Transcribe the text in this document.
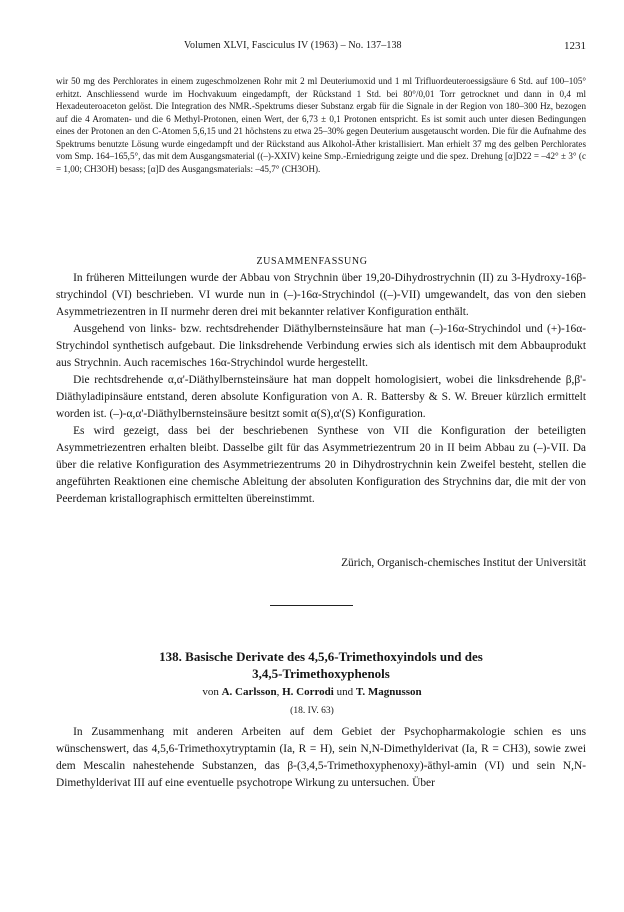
Volumen XLVI, Fasciculus IV (1963) – No. 137–138	1231

wir 50 mg des Perchlorates in einem zugeschmolzenen Rohr mit 2 ml Deuteriumoxid und 1 ml Trifluordeuteroessigsäure 6 Std. auf 100–105° erhitzt. Anschliessend wurde im Hochvakuum eingedampft, der Rückstand 1 Std. bei 80°/0,01 Torr getrocknet und dann in 0,4 ml Hexadeuteroaceton gelöst. Die Integration des NMR.-Spektrums dieser Substanz ergab für die Signale in der Region von 180–300 Hz, bezogen auf die 4 Aromaten- und die 6 Methyl-Protonen, einen Wert, der 6,73 ± 0,1 Protonen entspricht. Es ist somit auch unter diesen Bedingungen eines der Protonen an den C-Atomen 5,6,15 und 21 höchstens zu etwa 25–30% gegen Deuterium ausgetauscht worden. Die für die Aufnahme des Spektrums benutzte Lösung wurde eingedampft und der Rückstand aus Alkohol-Äther kristallisiert. Man erhielt 37 mg des gelben Perchlorates vom Smp. 164–165,5°, das mit dem Ausgangsmaterial ((–)-XXIV) keine Smp.-Erniedrigung zeigte und die spez. Drehung [α]D22 = –42° ± 3° (c = 1,00; CH3OH) besass; [α]D des Ausgangsmaterials: –45,7° (CH3OH).

ZUSAMMENFASSUNG

In früheren Mitteilungen wurde der Abbau von Strychnin über 19,20-Dihydrostrychnin (II) zu 3-Hydroxy-16β-strychindol (VI) beschrieben. VI wurde nun in (–)-16α-Strychindol ((–)-VII) umgewandelt, das von den sieben Asymmetriezentren in II nurmehr deren drei mit bekannter relativer Konfiguration enthält.

Ausgehend von links- bzw. rechtsdrehender Diäthylbernsteinsäure hat man (–)-16α-Strychindol und (+)-16α-Strychindol synthetisch aufgebaut. Die linksdrehende Verbindung erwies sich als identisch mit dem Abbauprodukt aus Strychnin. Auch racemisches 16α-Strychindol wurde hergestellt.

Die rechtsdrehende α,α'-Diäthylbernsteinsäure hat man doppelt homologisiert, wobei die linksdrehende β,β'-Diäthyladipinsäure entstand, deren absolute Konfiguration von A. R. Battersby & S. W. Breuer kürzlich ermittelt worden ist. (–)-α,α'-Diäthylbernsteinsäure besitzt somit α(S),α'(S) Konfiguration.

Es wird gezeigt, dass bei der beschriebenen Synthese von VII die Konfiguration der beteiligten Asymmetriezentren erhalten bleibt. Dasselbe gilt für das Asymmetriezentrum 20 in II beim Abbau zu (–)-VII. Da über die relative Konfiguration des Asymmetriezentrums 20 in Dihydrostrychnin kein Zweifel besteht, stellen die angeführten Reaktionen eine chemische Ableitung der absoluten Konfiguration des Strychnins dar, die mit der von Peerdeman kristallographisch ermittelten übereinstimmt.

Zürich, Organisch-chemisches Institut der Universität

138. Basische Derivate des 4,5,6-Trimethoxyindols und des
3,4,5-Trimethoxyphenols

von A. Carlsson, H. Corrodi und T. Magnusson

(18. IV. 63)

In Zusammenhang mit anderen Arbeiten auf dem Gebiet der Psychopharmakologie schien es uns wünschenswert, das 4,5,6-Trimethoxytryptamin (Ia, R = H), sein N,N-Dimethylderivat (Ia, R = CH3), sowie zwei dem Mescalin nahestehende Substanzen, das β-(3,4,5-Trimethoxyphenoxy)-äthyl-amin (VI) und sein N,N-Dimethylderivat III auf eine eventuelle psychotrope Wirkung zu untersuchen. Über
